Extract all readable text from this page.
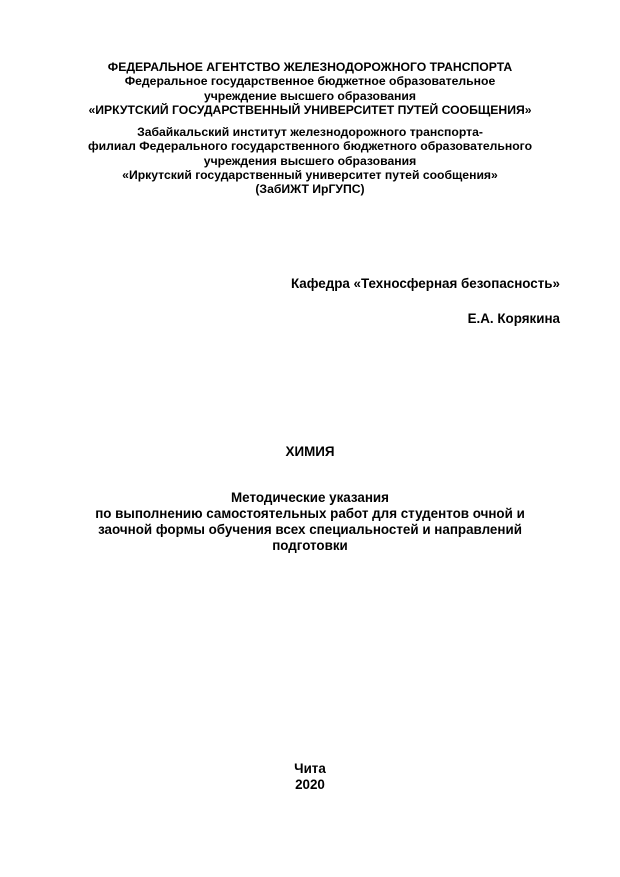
ФЕДЕРАЛЬНОЕ АГЕНТСТВО ЖЕЛЕЗНОДОРОЖНОГО ТРАНСПОРТА
Федеральное государственное бюджетное образовательное
учреждение высшего образования
«ИРКУТСКИЙ ГОСУДАРСТВЕННЫЙ УНИВЕРСИТЕТ ПУТЕЙ СООБЩЕНИЯ»
Забайкальский институт железнодорожного транспорта-
филиал Федерального государственного бюджетного образовательного
учреждения высшего образования
«Иркутский государственный университет путей сообщения»
(ЗабИЖТ ИрГУПС)
Кафедра «Техносферная безопасность»
Е.А. Корякина
ХИМИЯ
Методические указания
по выполнению самостоятельных работ для студентов очной и
заочной формы обучения всех специальностей и направлений
подготовки
Чита
2020
